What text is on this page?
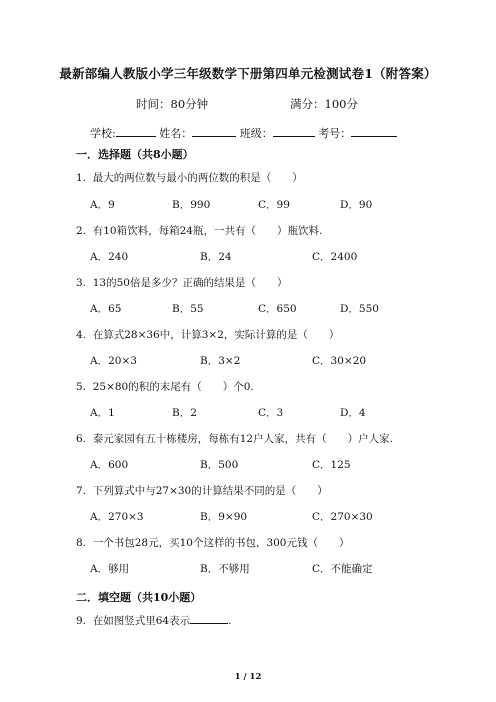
最新部编人教版小学三年级数学下册第四单元检测试卷1（附答案）
时间：80分钟	满分：100分
学校:	姓名：	班级：	考号：
一．选择题（共8小题）
1. 最大的两位数与最小的两位数的积是（　　）
A．9	B．990	C．99	D．90
2. 有10箱饮料，每箱24瓶，一共有（　　）瓶饮料.
A．240	B．24	C．2400
3. 13的50倍是多少？正确的结果是（　　）
A．65	B．55	C．650	D．550
4. 在算式28×36中，计算3×2，实际计算的是（　　）
A．20×3	B．3×2	C．30×20
5. 25×80的积的末尾有（　　）个0.
A．1	B．2	C．3	D．4
6. 泰元家园有五十栋楼房，每栋有12户人家，共有（　　）户人家.
A．600	B．500	C．125
7. 下列算式中与27×30的计算结果不同的是（　　）
A．270×3	B．9×90	C．270×30
8. 一个书包28元，买10个这样的书包，300元钱（　　）
A．够用	B．不够用	C．不能确定
二．填空题（共10小题）
9. 在如图竖式里64表示	.
1 / 12
